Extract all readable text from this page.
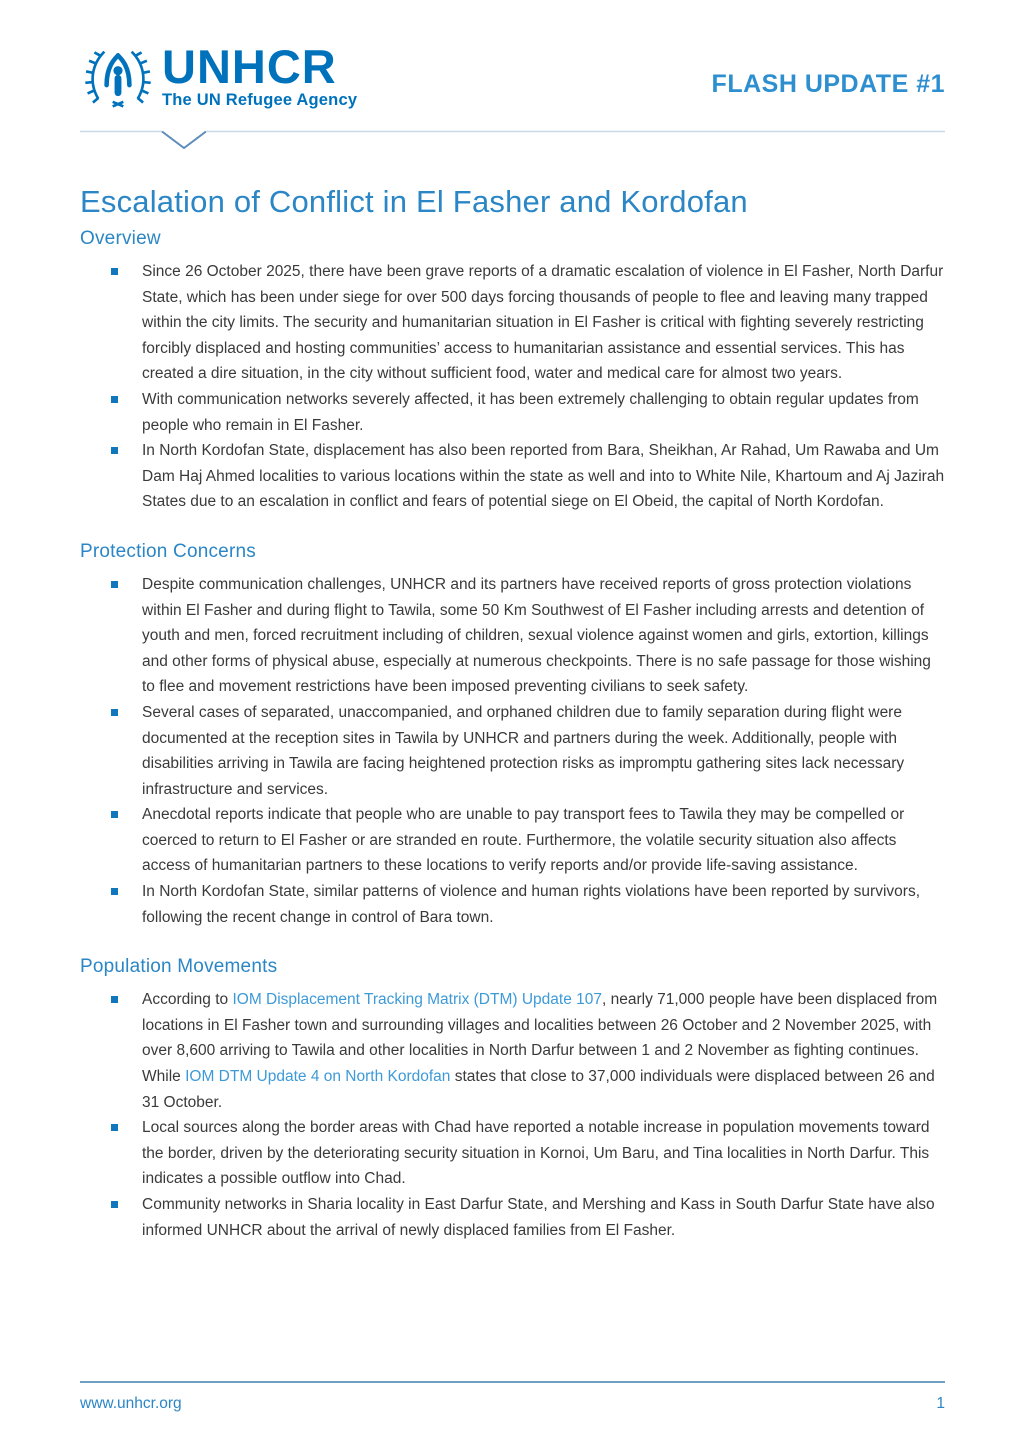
UNHCR
The UN Refugee Agency
FLASH UPDATE #1
Escalation of Conflict in El Fasher and Kordofan
Overview
Since 26 October 2025, there have been grave reports of a dramatic escalation of violence in El Fasher, North Darfur State, which has been under siege for over 500 days forcing thousands of people to flee and leaving many trapped within the city limits. The security and humanitarian situation in El Fasher is critical with fighting severely restricting forcibly displaced and hosting communities’ access to humanitarian assistance and essential services. This has created a dire situation, in the city without sufficient food, water and medical care for almost two years.
With communication networks severely affected, it has been extremely challenging to obtain regular updates from people who remain in El Fasher.
In North Kordofan State, displacement has also been reported from Bara, Sheikhan, Ar Rahad, Um Rawaba and Um Dam Haj Ahmed localities to various locations within the state as well and into to White Nile, Khartoum and Aj Jazirah States due to an escalation in conflict and fears of potential siege on El Obeid, the capital of North Kordofan.
Protection Concerns
Despite communication challenges, UNHCR and its partners have received reports of gross protection violations within El Fasher and during flight to Tawila, some 50 Km Southwest of El Fasher including arrests and detention of youth and men, forced recruitment including of children, sexual violence against women and girls, extortion, killings and other forms of physical abuse, especially at numerous checkpoints. There is no safe passage for those wishing to flee and movement restrictions have been imposed preventing civilians to seek safety.
Several cases of separated, unaccompanied, and orphaned children due to family separation during flight were documented at the reception sites in Tawila by UNHCR and partners during the week. Additionally, people with disabilities arriving in Tawila are facing heightened protection risks as impromptu gathering sites lack necessary infrastructure and services.
Anecdotal reports indicate that people who are unable to pay transport fees to Tawila they may be compelled or coerced to return to El Fasher or are stranded en route. Furthermore, the volatile security situation also affects access of humanitarian partners to these locations to verify reports and/or provide life-saving assistance.
In North Kordofan State, similar patterns of violence and human rights violations have been reported by survivors, following the recent change in control of Bara town.
Population Movements
According to IOM Displacement Tracking Matrix (DTM) Update 107, nearly 71,000 people have been displaced from locations in El Fasher town and surrounding villages and localities between 26 October and 2 November 2025, with over 8,600 arriving to Tawila and other localities in North Darfur between 1 and 2 November as fighting continues. While IOM DTM Update 4 on North Kordofan states that close to 37,000 individuals were displaced between 26 and 31 October.
Local sources along the border areas with Chad have reported a notable increase in population movements toward the border, driven by the deteriorating security situation in Kornoi, Um Baru, and Tina localities in North Darfur. This indicates a possible outflow into Chad.
Community networks in Sharia locality in East Darfur State, and Mershing and Kass in South Darfur State have also informed UNHCR about the arrival of newly displaced families from El Fasher.
www.unhcr.org	1
